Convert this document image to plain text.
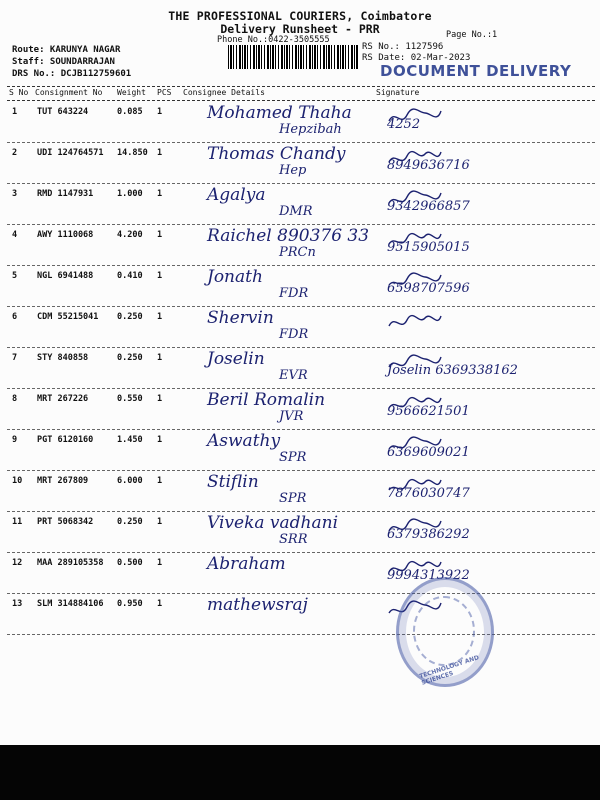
THE PROFESSIONAL COURIERS, Coimbatore
Delivery Runsheet - PRR
Phone No.:0422-3505555	Page No.:1
Route: KARUNYA NAGAR
Staff: SOUNDARRAJAN
DRS No.: DCJB112759601
RS No.: 1127596
RS Date: 02-Mar-2023
DOCUMENT DELIVERY
S No Consignment No Weight PCS Consignee Details	Signature
1 TUT 643224	0.085 1	Mohamed Thaha
Hepzibah	4252
2 UDI 124764571 14.850 1	Thomas Chandy
Hep	8949636716
3 RMD 1147931	1.000 1	Agalya
DMR	9342966857
4 AWY 1110068	4.200 1	Raichel 890376 33
PRCn	9515905015
5 NGL 6941488	0.410 1	Jonath
FDR	6598707596
6 CDM 55215041 0.250 1	Shervin
FDR
7 STY 840858	0.250 1	Joselin
EVR	Joselin 6369338162
8 MRT 267226	0.550 1	Beril Romalin
JVR	9566621501
9 PGT 6120160	1.450 1	Aswathy
SPR	6369609021
10 MRT 267809	6.000 1	Stiflin
SPR	7876030747
11 PRT 5068342	0.250 1	Viveka vadhani
SRR	6379386292
12 MAA 289105358 0.500 1	Abraham
9994313922
13 SLM 314884106 0.950 1	mathewsraj
TECHNOLOGY AND SCIENCES
